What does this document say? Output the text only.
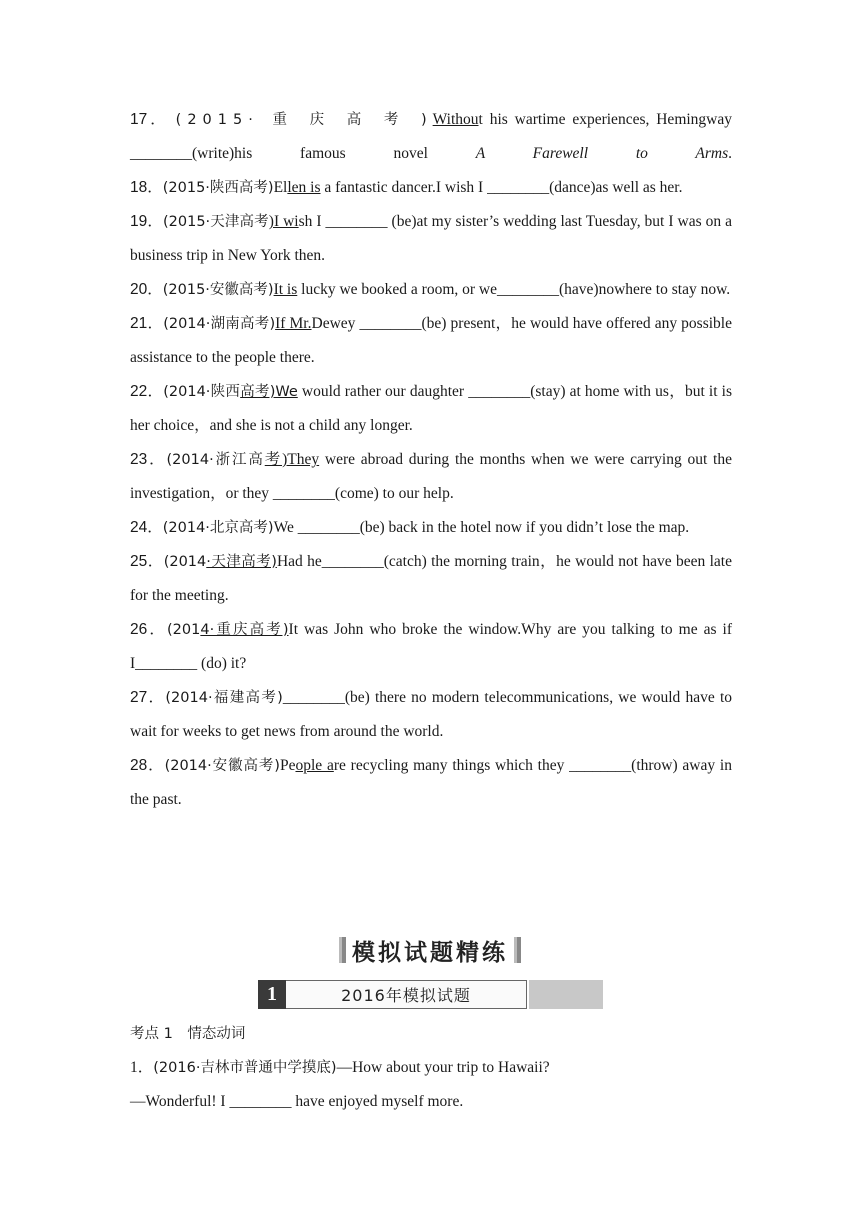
17． (2015· 重 庆 高 考 )Without his wartime experiences, Hemingway ________(write)his famous novel A Farewell to Arms.

18．(2015·陕西高考)Ellen is a fantastic dancer.I wish I ________(dance)as well as her.

19．(2015·天津高考)I wish I ________ (be)at my sister’s wedding last Tuesday, but I was on a business trip in New York then.

20．(2015·安徽高考)It is lucky we booked a room, or we________(have)nowhere to stay now.

21．(2014·湖南高考)If Mr.Dewey ________(be) present，he would have offered any possible assistance to the people there.

22．(2014·陕西高考)We would rather our daughter ________(stay) at home with us，but it is her choice，and she is not a child any longer.

23．(2014·浙江高考)They were abroad during the months when we were carrying out the investigation，or they ________(come) to our help.

24．(2014·北京高考)We ________(be) back in the hotel now if you didn’t lose the map.

25．(2014·天津高考)Had he________(catch) the morning train，he would not have been late for the meeting.

26．(2014·重庆高考)It was John who broke the window.Why are you talking to me as if I________ (do) it?

27．(2014·福建高考)________(be) there no modern telecommunications, we would have to wait for weeks to get news from around the world.

28．(2014·安徽高考)People are recycling many things which they ________(throw) away in the past.

模拟试题精练
1	2016年模拟试题

考点 1　情态动词

1．(2016·吉林市普通中学摸底)—How about your trip to Hawaii?

—Wonderful! I ________ have enjoyed myself more.
